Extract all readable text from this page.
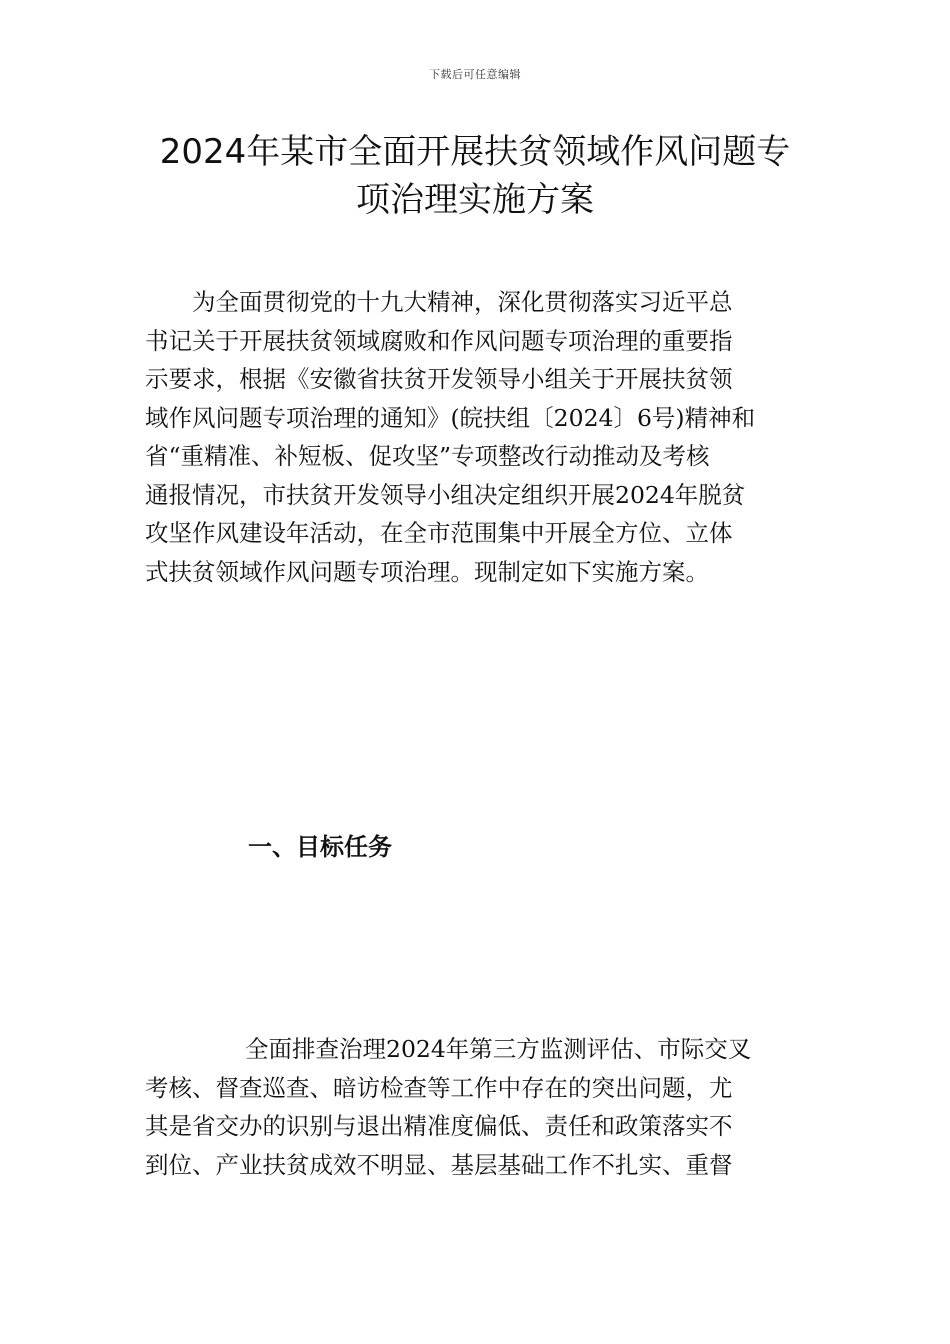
下载后可任意编辑
2024年某市全面开展扶贫领域作风问题专
项治理实施方案
为全面贯彻党的十九大精神，深化贯彻落实习近平总
书记关于开展扶贫领域腐败和作风问题专项治理的重要指
示要求，根据《安徽省扶贫开发领导小组关于开展扶贫领
域作风问题专项治理的通知》(皖扶组〔2024〕6号)精神和
省“重精准、补短板、促攻坚”专项整改行动推动及考核
通报情况，市扶贫开发领导小组决定组织开展2024年脱贫
攻坚作风建设年活动，在全市范围集中开展全方位、立体
式扶贫领域作风问题专项治理。现制定如下实施方案。
一、目标任务
全面排查治理2024年第三方监测评估、市际交叉
考核、督查巡查、暗访检查等工作中存在的突出问题，尤
其是省交办的识别与退出精准度偏低、责任和政策落实不
到位、产业扶贫成效不明显、基层基础工作不扎实、重督
